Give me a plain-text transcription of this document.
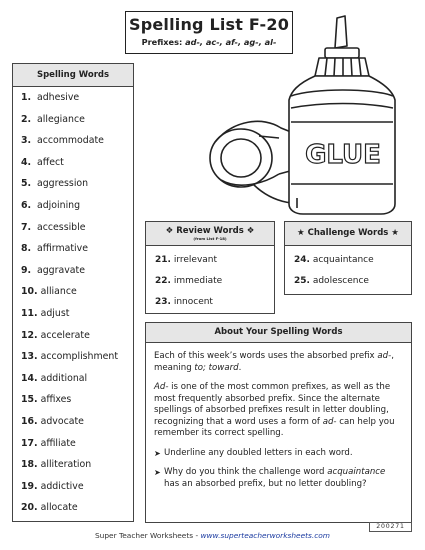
Spelling List F-20
Prefixes: ad-, ac-, af-, ag-, al-
GLUE
Spelling Words
1. adhesive
2. allegiance
3. accommodate
4. affect
5. aggression
6. adjoining
7. accessible
8. affirmative
9. aggravate
10. alliance
11. adjust
12. accelerate
13. accomplishment
14. additional
15. affixes
16. advocate
17. affiliate
18. alliteration
19. addictive
20. allocate
❖ Review Words ❖
(from List F-18)
21. irrelevant
22. immediate
23. innocent
★ Challenge Words ★
24. acquaintance
25. adolescence
About Your Spelling Words

Each of this week’s words uses the absorbed prefix ad-, meaning to; toward.

Ad- is one of the most common prefixes, as well as the most frequently absorbed prefix. Since the alternate spellings of absorbed prefixes result in letter doubling, recognizing that a word uses a form of ad- can help you remember its correct spelling.

➤ Underline any doubled letters in each word.
➤ Why do you think the challenge word acquaintance has an absorbed prefix, but no letter doubling?
200271
Super Teacher Worksheets - www.superteacherworksheets.com
